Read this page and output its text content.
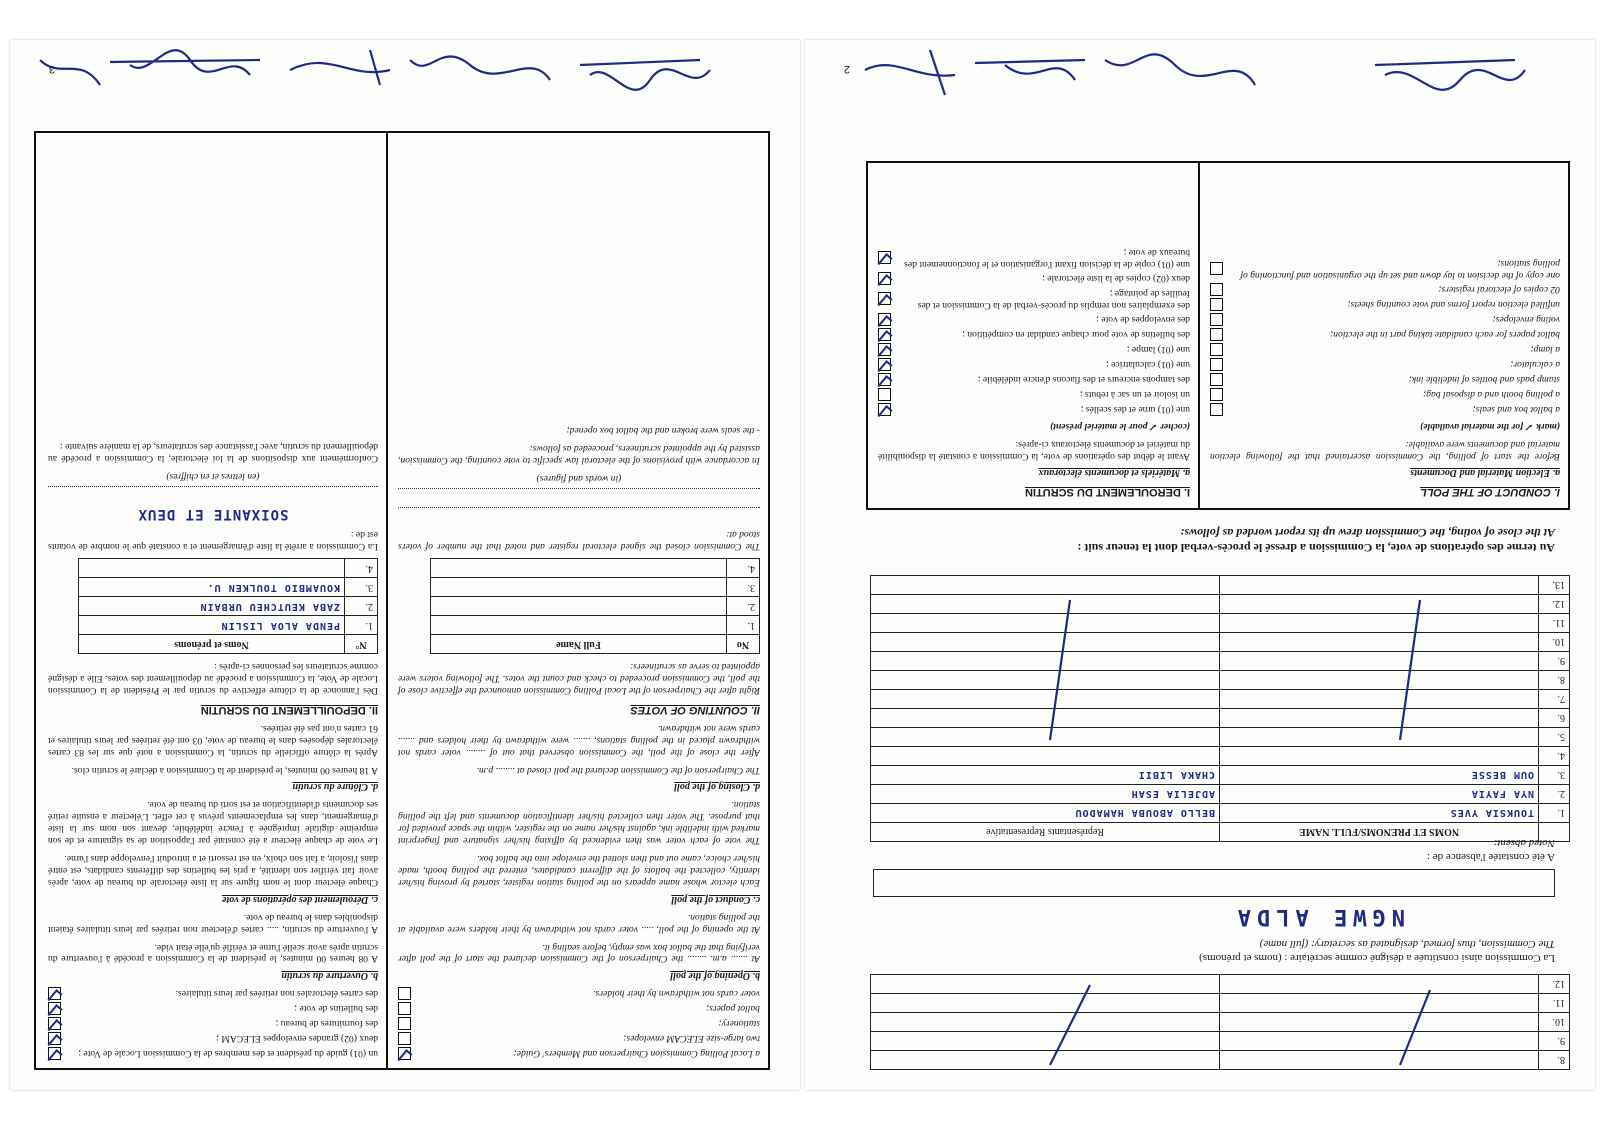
3
un (01) guide du président et des membres de la Commission Locale de Vote ;
deux (02) grandes enveloppes ELECAM ;
des fournitures de bureau ;
des bulletins de vote ;
des cartes électorales non retirées par leurs titulaires.
b. Ouverture du scrutin

A 08 heures 00 minutes, le président de la Commission a procédé à l'ouverture du scrutin après avoir scellé l'urne et vérifié qu'elle était vide.

A l'ouverture du scrutin, ..... cartes d'électeur non retirées par leurs titulaires étaient disponibles dans le bureau de vote.

c. Déroulement des opérations de vote

Chaque électeur dont le nom figure sur la liste électorale du bureau de vote, après avoir fait vérifier son identité, a pris les bulletins des différents candidats, est entré dans l'isoloir, a fait son choix, en est ressorti et a introduit l'enveloppe dans l'urne.

Le vote de chaque électeur a été constaté par l'apposition de sa signature et de son empreinte digitale imprégnée à l'encre indélébile, devant son nom sur la liste d'émargement, dans les emplacements prévus à cet effet. L'électeur a ensuite retiré ses documents d'identification et est sorti du bureau de vote.

d. Clôture du scrutin

A 18 heures 00 minutes, le président de la Commission a déclaré le scrutin clos.

Après la clôture officielle du scrutin, la Commission a noté que sur les 83 cartes électorales déposées dans le bureau de vote, 03 ont été retirées par leurs titulaires et 61 cartes n'ont pas été retirées.

II. DEPOUILLEMENT DU SCRUTIN

Dès l'annonce de la clôture effective du scrutin par le Président de la Commission Locale de Vote, la Commission a procédé au dépouillement des votes. Elle a désigné comme scrutateurs les personnes ci-après :

N°	Noms et prénoms
1.	PENDA ALOA LISLIN
2.	ZABA KEUTCHEU URBAIN
3.	KOUAMBIO TOULKEN U.
4.	

La Commission a arrêté la liste d'émargement et a constaté que le nombre de votants est de :

SOIXANTE ET DEUX
(en lettres et en chiffres)

Conformément aux dispositions de la loi électorale, la Commission a procédé au dépouillement du scrutin, avec l'assistance des scrutateurs, de la manière suivante :

a Local Polling Commission Chairperson and Members' Guide;
two large-size ELECAM envelopes;
stationery;
ballot papers;
voter cards not withdrawn by their holders.
b. Opening of the poll

At ....... a.m. ........ the Chairperson of the Commission declared the start of the poll after verifying that the ballot box was empty, before sealing it.

At the opening of the poll, ..... voter cards not withdrawn by their holders were available at the polling station.

c. Conduct of the poll

Each elector whose name appears on the polling station register, started by proving his/her identity, collected the ballots of the different candidates, entered the polling booth, made his/her choice, came out and then slotted the envelope into the ballot box.

The vote of each voter was then evidenced by affixing his/her signature and fingerprint marked with indelible ink, against his/her name on the register, within the space provided for that purpose. The voter then collected his/her identification documents and left the polling station.

d. Closing of the poll

The Chairperson of the Commission declared the poll closed at ........ p.m.

After the close of the poll, the Commission observed that out of ........ voter cards not withdrawn placed in the polling stations, ....... were withdrawn by their holders and ....... cards were not withdrawn.

II. COUNTING OF VOTES

Right after the Chairperson of the Local Polling Commission announced the effective close of the poll, the Commission proceeded to check and count the votes. The following voters were appointed to serve as scrutineers:

No	Full Name
1.	
2.	
3.	
4.	

The Commission closed the signed electoral register and noted that the number of voters stood at:

(in words and figures)

In accordance with provisions of the electoral law specific to vote counting, the Commission, assisted by the appointed scrutineers, proceeded as follows:

- the seals were broken and the ballot box opened;

2
8.		
9.		
10.		
11.		
12.		
La Commission ainsi constituée a désigné comme secrétaire : (noms et prénoms)
The Commission, thus formed, designated as secretary: (full name)
NGWE ALDA
A été constatée l'absence de :
Noted absent:
	NOMS ET PRENOMS/FULL NAME	Représentants Representative
1.	TOUKSIA YVES	BELLO ABOUBA HAMADOU
2.	NYA FAYIA	ADJELIA ESAH
3.	OUM BESSE	CHAKA LIBII
4.		
5.		
6.		
7.		
8.		
9.		
10.		
11.		
12.		
13.		
Au terme des opérations de vote, la Commission a dressé le procès-verbal dont la teneur suit :
At the close of voting, the Commission drew up its report worded as follows:
I. DEROULEMENT DU SCRUTIN
a. Matériels et documents électoraux

Avant le début des opérations de vote, la Commission a constaté la disponibilité du matériel et documents électoraux ci-après:

(cocher ✓ pour le matériel présent)
une (01) urne et des scellés ;
un isoloir et un sac à rebuts ;
des tampons encreurs et des flacons d'encre indélébile ;
une (01) calculatrice ;
une (01) lampe ;
des bulletins de vote pour chaque candidat en compétition ;
des enveloppes de vote ;
des exemplaires non remplis du procès-verbal de la Commission et des feuilles de pointage ;
deux (02) copies de la liste électorale ;
une (01) copie de la décision fixant l'organisation et le fonctionnement des bureaux de vote ;
I. CONDUCT OF THE POLL
a. Election Material and Documents

Before the start of polling, the Commission ascertained that the following election material and documents were available:

(mark ✓ for the material available)
a ballot box and seals;
a polling booth and a disposal bag;
stamp pads and bottles of indelible ink;
a calculator;
a lamp;
ballot papers for each candidate taking part in the election;
voting envelopes;
unfilled election report forms and vote counting sheets;
02 copies of electoral registers;
one copy of the decision to lay down and set up the organisation and functioning of polling stations;
